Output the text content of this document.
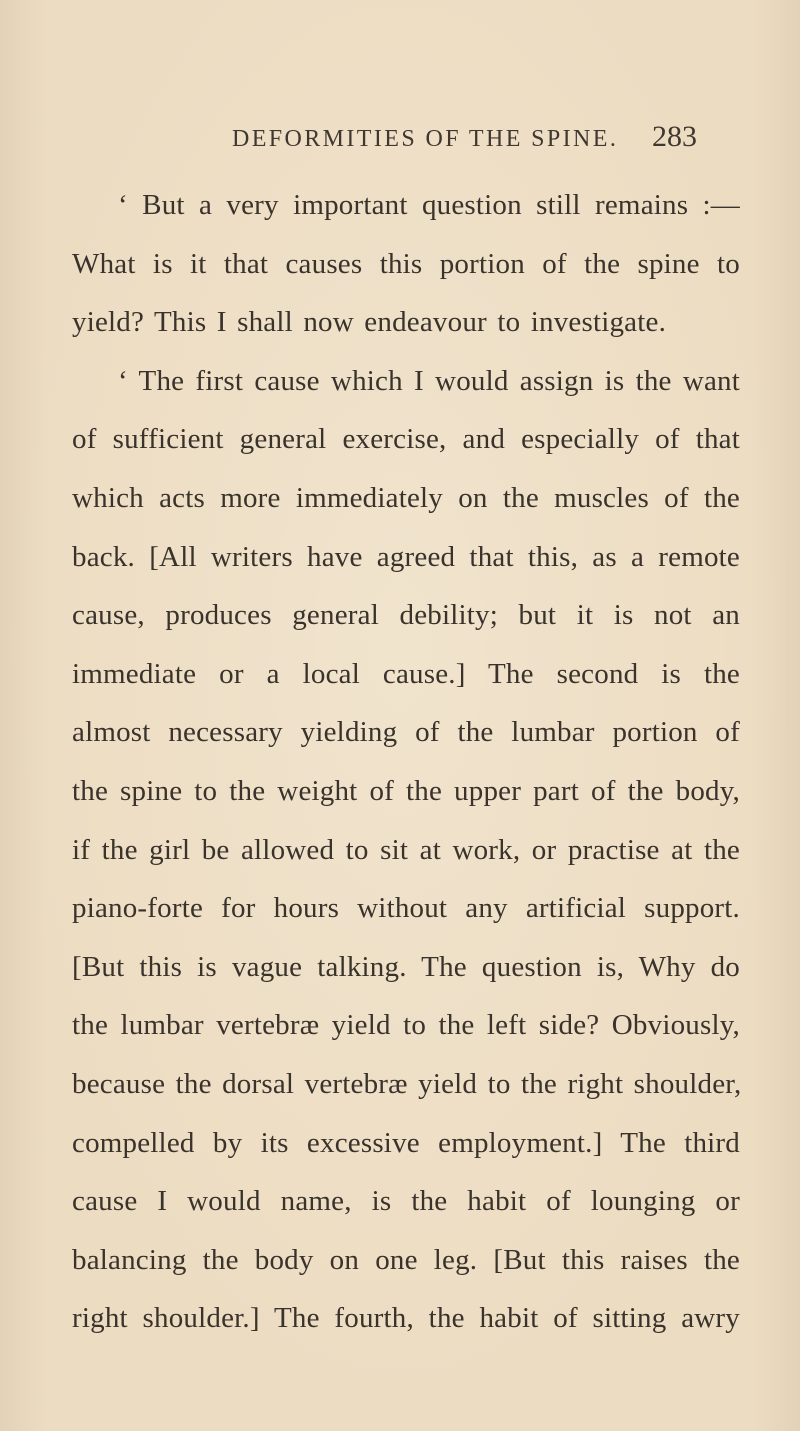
DEFORMITIES OF THE SPINE.	283
‘ But a very important question still remains :—
What is it that causes this portion of the spine to
yield? This I shall now endeavour to investigate.
‘ The first cause which I would assign is the want
of sufficient general exercise, and especially of that
which acts more immediately on the muscles of the
back. [All writers have agreed that this, as a remote
cause, produces general debility; but it is not an
immediate or a local cause.] The second is the
almost necessary yielding of the lumbar portion of
the spine to the weight of the upper part of the body,
if the girl be allowed to sit at work, or practise at the
piano-forte for hours without any artificial support.
[But this is vague talking. The question is, Why do
the lumbar vertebræ yield to the left side? Obviously,
because the dorsal vertebræ yield to the right shoulder,
compelled by its excessive employment.] The third
cause I would name, is the habit of lounging or
balancing the body on one leg. [But this raises the
right shoulder.] The fourth, the habit of sitting awry
